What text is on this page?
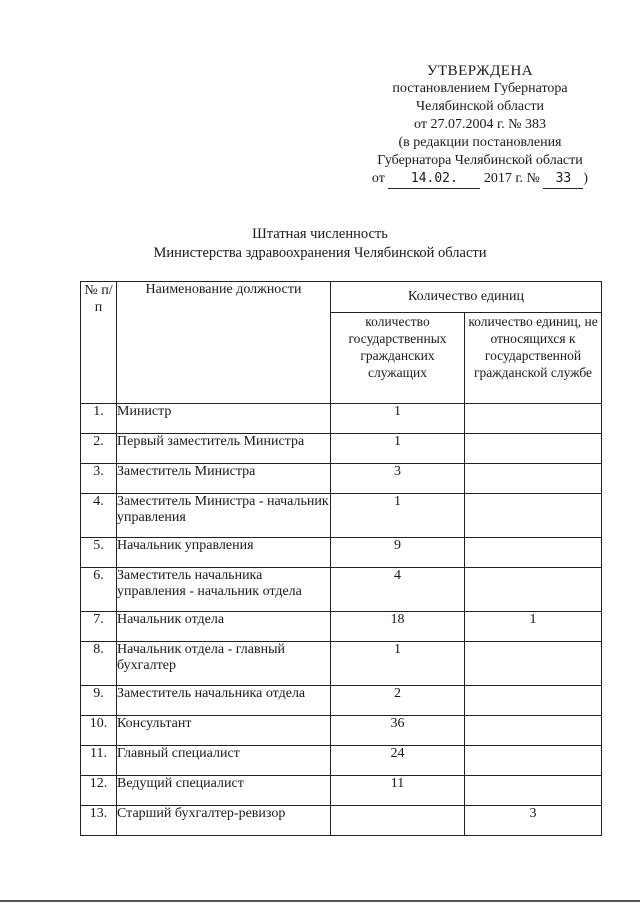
УТВЕРЖДЕНА
постановлением Губернатора
Челябинской области
от 27.07.2004 г. № 383
(в редакции постановления
Губернатора Челябинской области
от 14.02. 2017 г. № 33 )
Штатная численность
Министерства здравоохранения Челябинской области
№ п/п	Наименование должности	Количество единиц	
		количество государственных гражданских служащих	количество единиц, не относящихся к государственной гражданской службе
1.	Министр	1	
2.	Первый заместитель Министра	1	
3.	Заместитель Министра	3	
4.	Заместитель Министра - начальник управления	1	
5.	Начальник управления	9	
6.	Заместитель начальника управления - начальник отдела	4	
7.	Начальник отдела	18	1
8.	Начальник отдела - главный бухгалтер	1	
9.	Заместитель начальника отдела	2	
10.	Консультант	36	
11.	Главный специалист	24	
12.	Ведущий специалист	11	
13.	Старший бухгалтер-ревизор		3
